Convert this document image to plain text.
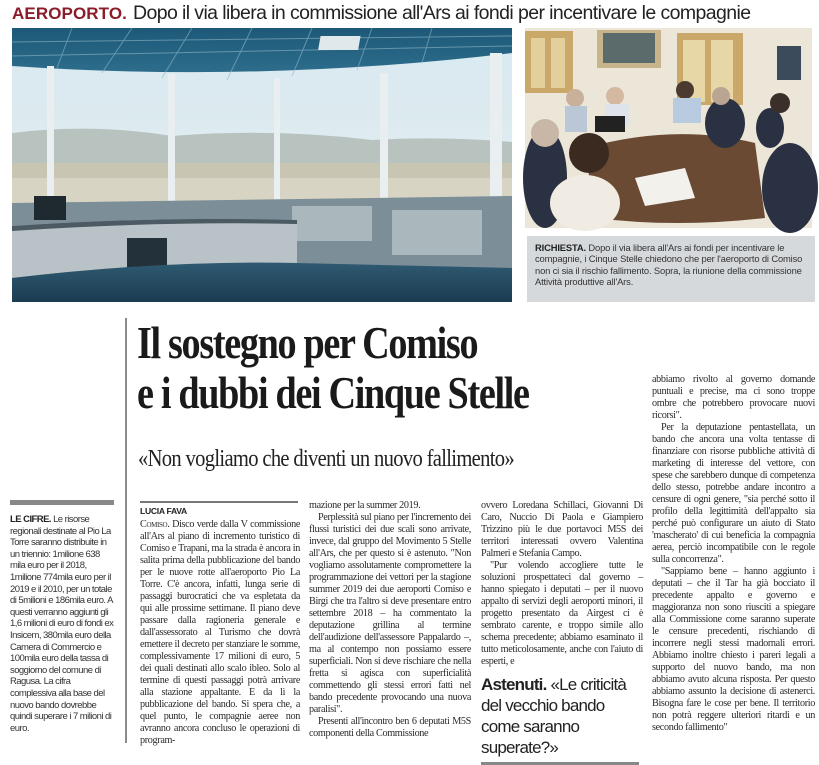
AEROPORTO. Dopo il via libera in commissione all'Ars ai fondi per incentivare le compagnie
RICHIESTA. Dopo il via libera all'Ars ai fondi per incentivare le compagnie, i Cinque Stelle chiedono che per l'aeroporto di Comiso non ci sia il rischio fallimento. Sopra, la riunione della commissione Attività produttive all'Ars.
Il sostegno per Comiso
e i dubbi dei Cinque Stelle
«Non vogliamo che diventi un nuovo fallimento»
LE CIFRE. Le risorse regionali destinate al Pio La Torre saranno distribuite in un triennio: 1milione 638 mila euro per il 2018, 1milione 774mila euro per il 2019 e il 2010, per un totale di 5milioni e 186mila euro. A questi verranno aggiunti gli 1,6 milioni di euro di fondi ex Insicem, 380mila euro della Camera di Commercio e 100mila euro della tassa di soggiorno del comune di Ragusa. La cifra complessiva alla base del nuovo bando dovrebbe quindi superare i 7 milioni di euro.
LUCIA FAVA

Comiso. Disco verde dalla V commissione all'Ars al piano di incremento turistico di Comiso e Trapani, ma la strada è ancora in salita prima della pubblicazione del bando per le nuove rotte all'aeroporto Pio La Torre. C'è ancora, infatti, lunga serie di passaggi burocratici che va espletata da qui alle prossime settimane. Il piano deve passare dalla ragioneria generale e dall'assessorato al Turismo che dovrà emettere il decreto per stanziare le somme, complessivamente 17 milioni di euro, 5 dei quali destinati allo scalo ibleo. Solo al termine di questi passaggi potrà arrivare alla stazione appaltante. E da lì la pubblicazione del bando. Si spera che, a quel punto, le compagnie aeree non avranno ancora concluso le operazioni di program-

mazione per la summer 2019.

Perplessità sul piano per l'incremento dei flussi turistici dei due scali sono arrivate, invece, dal gruppo del Movimento 5 Stelle all'Ars, che per questo si è astenuto. "Non vogliamo assolutamente compromettere la programmazione dei vettori per la stagione summer 2019 dei due aeroporti Comiso e Birgi che tra l'altro si deve presentare entro settembre 2018 – ha commentato la deputazione grillina al termine dell'audizione dell'assessore Pappalardo –, ma al contempo non possiamo essere superficiali. Non si deve rischiare che nella fretta si agisca con superficialità commettendo gli stessi errori fatti nel bando precedente provocando una nuova paralisi".

Presenti all'incontro ben 6 deputati M5S componenti della Commissione

ovvero Loredana Schillaci, Giovanni Di Caro, Nuccio Di Paola e Giampiero Trizzino più le due portavoci M5S dei territori interessati ovvero Valentina Palmeri e Stefania Campo.

"Pur volendo accogliere tutte le soluzioni prospettateci dal governo – hanno spiegato i deputati – per il nuovo appalto di servizi degli aeroporti minori, il progetto presentato da Airgest ci è sembrato carente, e troppo simile allo schema precedente; abbiamo esaminato il tutto meticolosamente, anche con l'aiuto di esperti, e

Astenuti. «Le criticità del vecchio bando come saranno superate?»

abbiamo rivolto al governo domande puntuali e precise, ma ci sono troppe ombre che potrebbero provocare nuovi ricorsi".

Per la deputazione pentastellata, un bando che ancora una volta tentasse di finanziare con risorse pubbliche attività di marketing di interesse del vettore, con spese che sarebbero dunque di competenza dello stesso, potrebbe andare incontro a censure di ogni genere, "sia perché sotto il profilo della legittimità dell'appalto sia perché può configurare un aiuto di Stato 'mascherato' di cui beneficia la compagnia aerea, perciò incompatibile con le regole sulla concorrenza".

"Sappiamo bene – hanno aggiunto i deputati – che il Tar ha già bocciato il precedente appalto e governo e maggioranza non sono riusciti a spiegare alla Commissione come saranno superate le censure precedenti, rischiando di incorrere negli stessi madornali errori. Abbiamo inoltre chiesto i pareri legali a supporto del nuovo bando, ma non abbiamo avuto alcuna risposta. Per questo abbiamo assunto la decisione di astenerci. Bisogna fare le cose per bene. Il territorio non potrà reggere ulteriori ritardi e un secondo fallimento"
